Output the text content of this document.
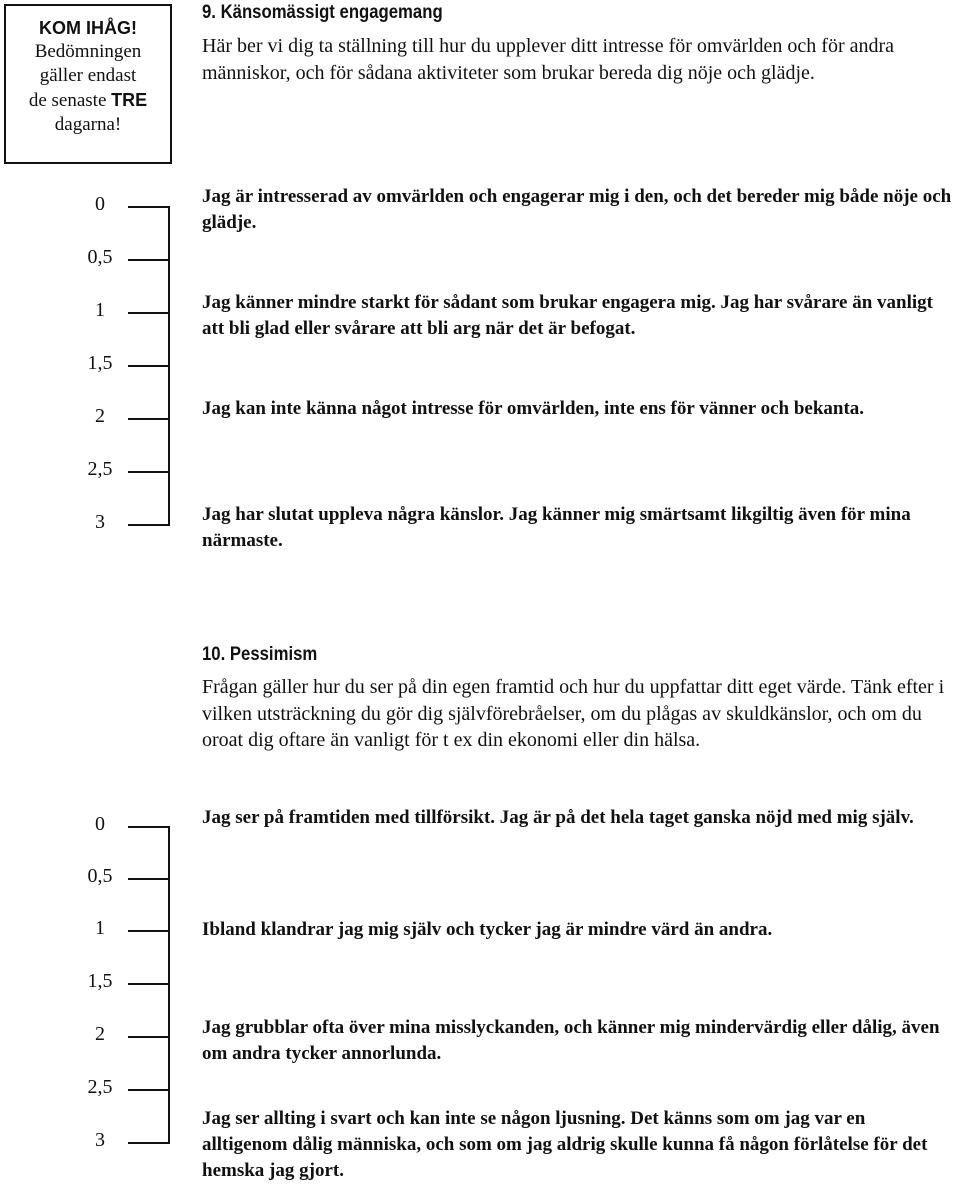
KOM IHÅG!
Bedömningen
gäller endast
de senaste TRE
dagarna!
9. Känsomässigt engagemang
Här ber vi dig ta ställning till hur du upplever ditt intresse för omvärlden och för andra människor, och för sådana aktiviteter som brukar bereda dig nöje och glädje.
0
0,5
1
1,5
2
2,5
3
Jag är intresserad av omvärlden och engagerar mig i den, och det bereder mig både nöje och glädje.
Jag känner mindre starkt för sådant som brukar engagera mig. Jag har svårare än vanligt att bli glad eller svårare att bli arg när det är befogat.
Jag kan inte känna något intresse för omvärlden, inte ens för vänner och bekanta.
Jag har slutat uppleva några känslor. Jag känner mig smärtsamt likgiltig även för mina närmaste.
10. Pessimism
Frågan gäller hur du ser på din egen framtid och hur du uppfattar ditt eget värde. Tänk efter i vilken utsträckning du gör dig självförebråelser, om du plågas av skuldkänslor, och om du oroat dig oftare än vanligt för t ex din ekonomi eller din hälsa.
0
0,5
1
1,5
2
2,5
3
Jag ser på framtiden med tillförsikt. Jag är på det hela taget ganska nöjd med mig själv.
Ibland klandrar jag mig själv och tycker jag är mindre värd än andra.
Jag grubblar ofta över mina misslyckanden, och känner mig mindervärdig eller dålig, även om andra tycker annorlunda.
Jag ser allting i svart och kan inte se någon ljusning. Det känns som om jag var en alltigenom dålig människa, och som om jag aldrig skulle kunna få någon förlåtelse för det hemska jag gjort.
